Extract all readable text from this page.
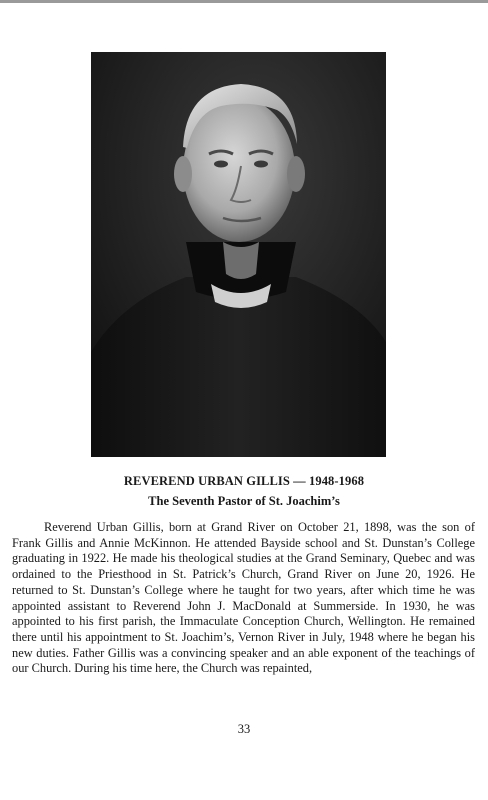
REVEREND URBAN GILLIS — 1948-1968
The Seventh Pastor of St. Joachim’s

Reverend Urban Gillis, born at Grand River on October 21, 1898, was the son of Frank Gillis and Annie McKinnon. He attended Bayside school and St. Dunstan’s College graduating in 1922. He made his theological studies at the Grand Seminary, Quebec and was ordained to the Priesthood in St. Patrick’s Church, Grand River on June 20, 1926. He returned to St. Dunstan’s College where he taught for two years, after which time he was appointed assistant to Reverend John J. MacDonald at Summerside. In 1930, he was appointed to his first parish, the Immaculate Conception Church, Wellington. He remained there until his appointment to St. Joachim’s, Vernon River in July, 1948 where he began his new duties. Father Gillis was a convincing speaker and an able exponent of the teachings of our Church. During his time here, the Church was repainted,

33
